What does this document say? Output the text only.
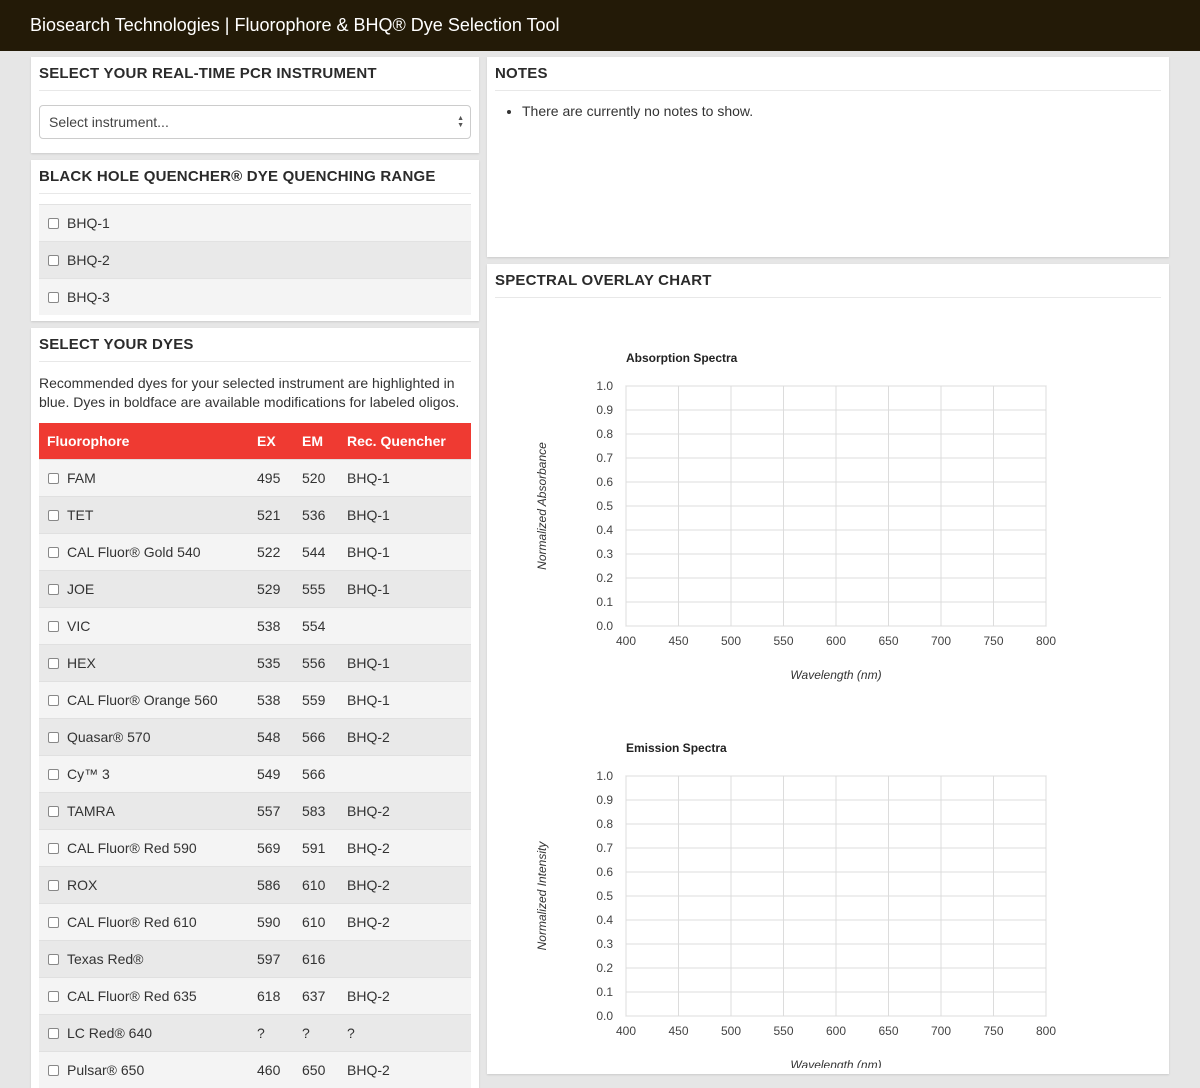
Biosearch Technologies | Fluorophore & BHQ® Dye Selection Tool
SELECT YOUR REAL-TIME PCR INSTRUMENT
Select instrument...	▲
▼
BLACK HOLE QUENCHER® DYE QUENCHING RANGE
BHQ-1
BHQ-2
BHQ-3
SELECT YOUR DYES
Recommended dyes for your selected instrument are highlighted in blue. Dyes in boldface are available modifications for labeled oligos.
Fluorophore	EX	EM	Rec. Quencher
FAM	495	520	BHQ-1
TET	521	536	BHQ-1
CAL Fluor® Gold 540	522	544	BHQ-1
JOE	529	555	BHQ-1
VIC	538	554
HEX	535	556	BHQ-1
CAL Fluor® Orange 560	538	559	BHQ-1
Quasar® 570	548	566	BHQ-2
Cy™ 3	549	566
TAMRA	557	583	BHQ-2
CAL Fluor® Red 590	569	591	BHQ-2
ROX	586	610	BHQ-2
CAL Fluor® Red 610	590	610	BHQ-2
Texas Red®	597	616
CAL Fluor® Red 635	618	637	BHQ-2
LC Red® 640	?	?	?
Pulsar® 650	460	650	BHQ-2
NOTES
• There are currently no notes to show.
SPECTRAL OVERLAY CHART
400	450	500	550	600	650	700	750	800
0.0
0.1
0.2
0.3
0.4
0.5
0.6
0.7
0.8
0.9
1.0
Absorption Spectra
Wavelength (nm)
Normalized Absorbance
400	450	500	550	600	650	700	750	800
0.0
0.1
0.2
0.3
0.4
0.5
0.6
0.7
0.8
0.9
1.0
Emission Spectra
Wavelength (nm)
Normalized Intensity
